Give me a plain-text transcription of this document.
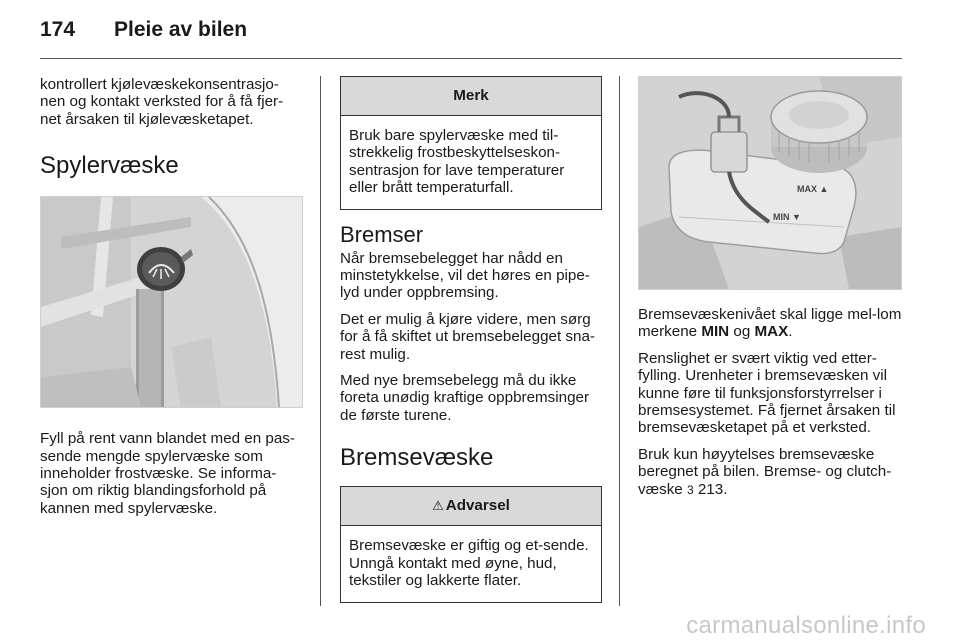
174 Pleie av bilen

kontrollert kjølevæskekonsentrasjo-nen og kontakt verksted for å få fjer-net årsaken til kjølevæsketapet.

Spylervæske

Fyll på rent vann blandet med en pas-sende mengde spylervæske som inneholder frostvæske. Se informa-sjon om riktig blandingsforhold på kannen med spylervæske.

Merk
Bruk bare spylervæske med til-strekkelig frostbeskyttelseskon-sentrasjon for lave temperaturer eller brått temperaturfall.
Bremser

Når bremsebelegget har nådd en minstetykkelse, vil det høres en pipe-lyd under oppbremsing.

Det er mulig å kjøre videre, men sørg for å få skiftet ut bremsebelegget sna-rest mulig.

Med nye bremsebelegg må du ikke foreta unødig kraftige oppbremsinger de første turene.

Bremsevæske
⚠ Advarsel
Bremsevæske er giftig og et-sende. Unngå kontakt med øyne, hud, tekstiler og lakkerte flater.
MAX ▲
MIN ▼

Bremsevæskenivået skal ligge mel-lom merkene MIN og MAX.

Renslighet er svært viktig ved etter-fylling. Urenheter i bremsevæsken vil kunne føre til funksjonsforstyrrelser i bremsesystemet. Få fjernet årsaken til bremsevæsketapet på et verksted.

Bruk kun høyytelses bremsevæske beregnet på bilen. Bremse- og clutch-væske 3 213.

carmanualsonline.info
